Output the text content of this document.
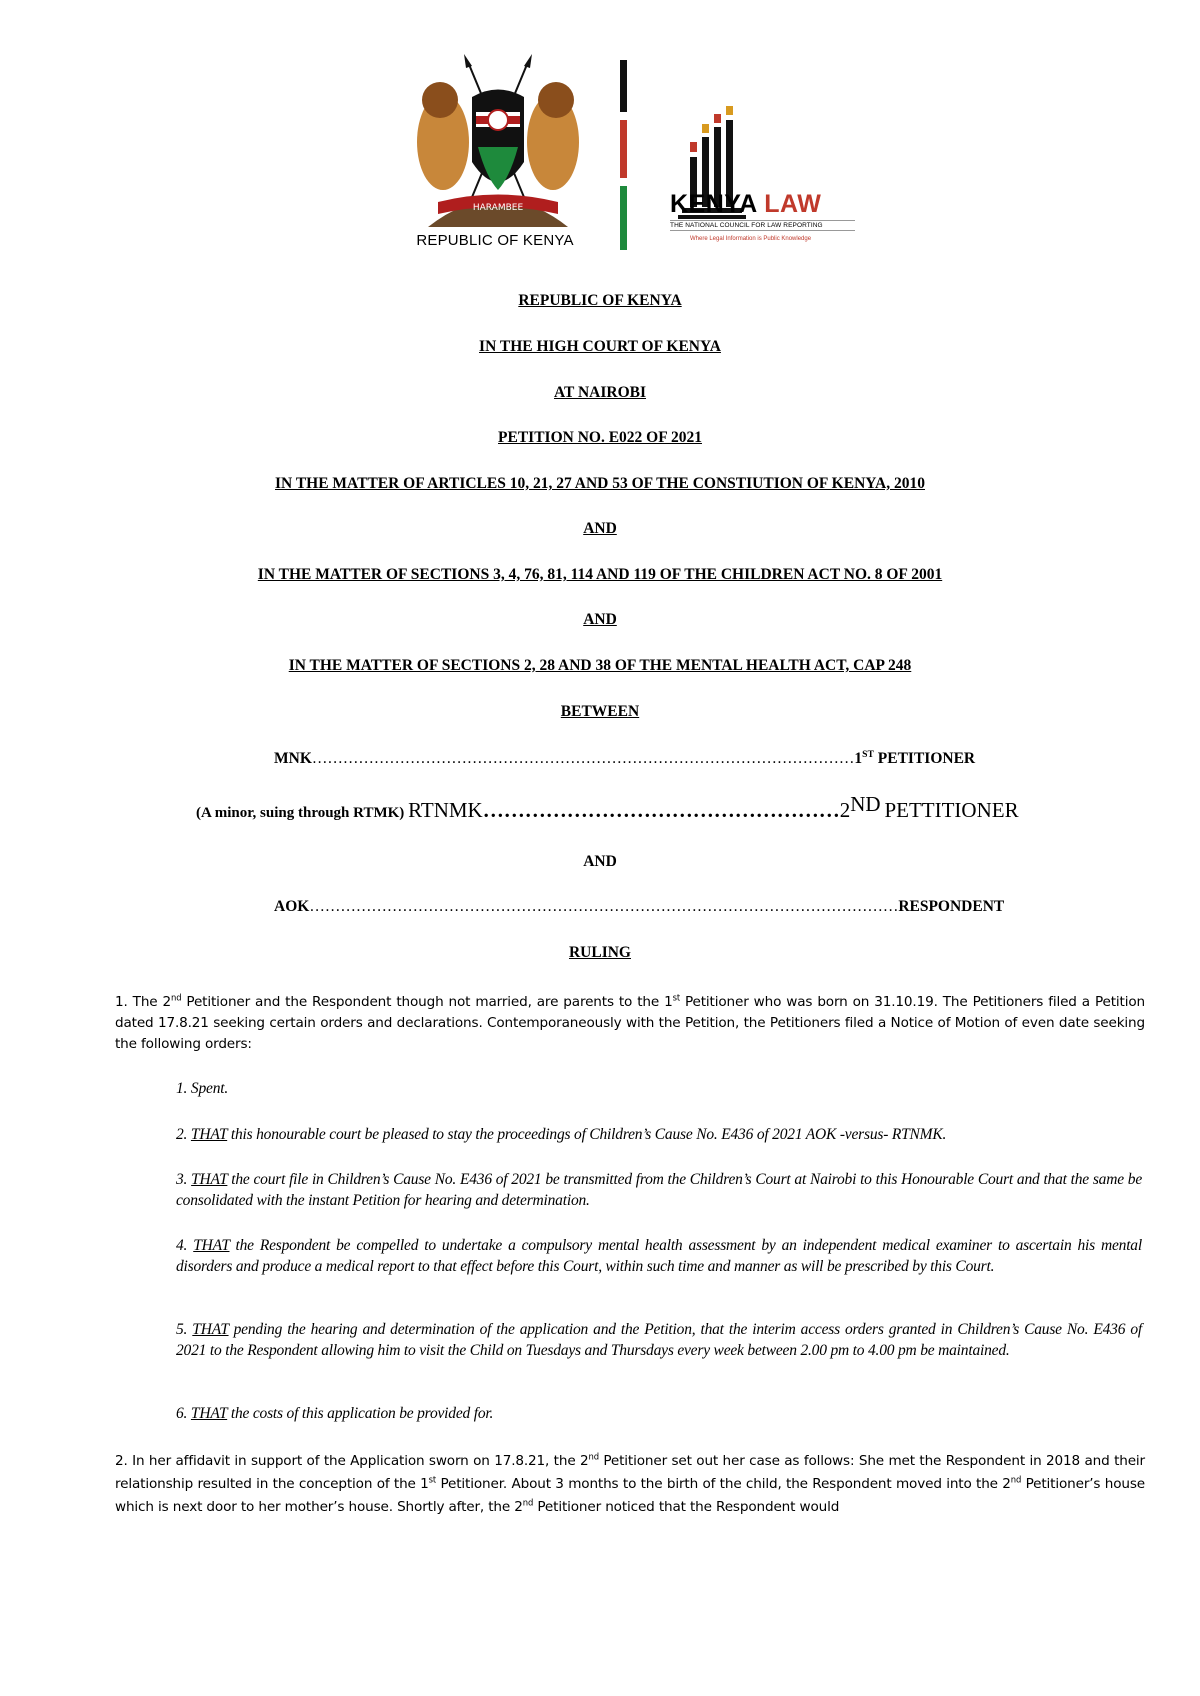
HARAMBEE
REPUBLIC OF KENYA
KENYA LAW
THE NATIONAL COUNCIL FOR LAW REPORTING
Where Legal Information is Public Knowledge
REPUBLIC OF KENYA
IN THE HIGH COURT OF KENYA
AT NAIROBI
PETITION NO. E022 OF 2021
IN THE MATTER OF ARTICLES 10, 21, 27 AND 53 OF THE CONSTIUTION OF KENYA, 2010
AND
IN THE MATTER OF SECTIONS 3, 4, 76, 81, 114 AND 119 OF THE CHILDREN ACT NO. 8 OF 2001
AND
IN THE MATTER OF SECTIONS 2, 28 AND 38 OF THE MENTAL HEALTH ACT, CAP 248
BETWEEN
MNK……………………………………………………………………………………………1ST PETITIONER
(A minor, suing through RTMK) RTNMK……………………………………………2ND PETTITIONER
AND
AOK……………………………………………………………………………………………………RESPONDENT
RULING
1. The 2nd Petitioner and the Respondent though not married, are parents to the 1st Petitioner who was born on 31.10.19. The Petitioners filed a Petition dated 17.8.21 seeking certain orders and declarations. Contemporaneously with the Petition, the Petitioners filed a Notice of Motion of even date seeking the following orders:
1. Spent.
2. THAT this honourable court be pleased to stay the proceedings of Children’s Cause No. E436 of 2021 AOK -versus- RTNMK.
3. THAT the court file in Children’s Cause No. E436 of 2021 be transmitted from the Children’s Court at Nairobi to this Honourable Court and that the same be consolidated with the instant Petition for hearing and determination.
4. THAT the Respondent be compelled to undertake a compulsory mental health assessment by an independent medical examiner to ascertain his mental disorders and produce a medical report to that effect before this Court, within such time and manner as will be prescribed by this Court.
5. THAT pending the hearing and determination of the application and the Petition, that the interim access orders granted in Children’s Cause No. E436 of 2021 to the Respondent allowing him to visit the Child on Tuesdays and Thursdays every week between 2.00 pm to 4.00 pm be maintained.
6. THAT the costs of this application be provided for.
2. In her affidavit in support of the Application sworn on 17.8.21, the 2nd Petitioner set out her case as follows: She met the Respondent in 2018 and their relationship resulted in the conception of the 1st Petitioner. About 3 months to the birth of the child, the Respondent moved into the 2nd Petitioner’s house which is next door to her mother’s house. Shortly after, the 2nd Petitioner noticed that the Respondent would
